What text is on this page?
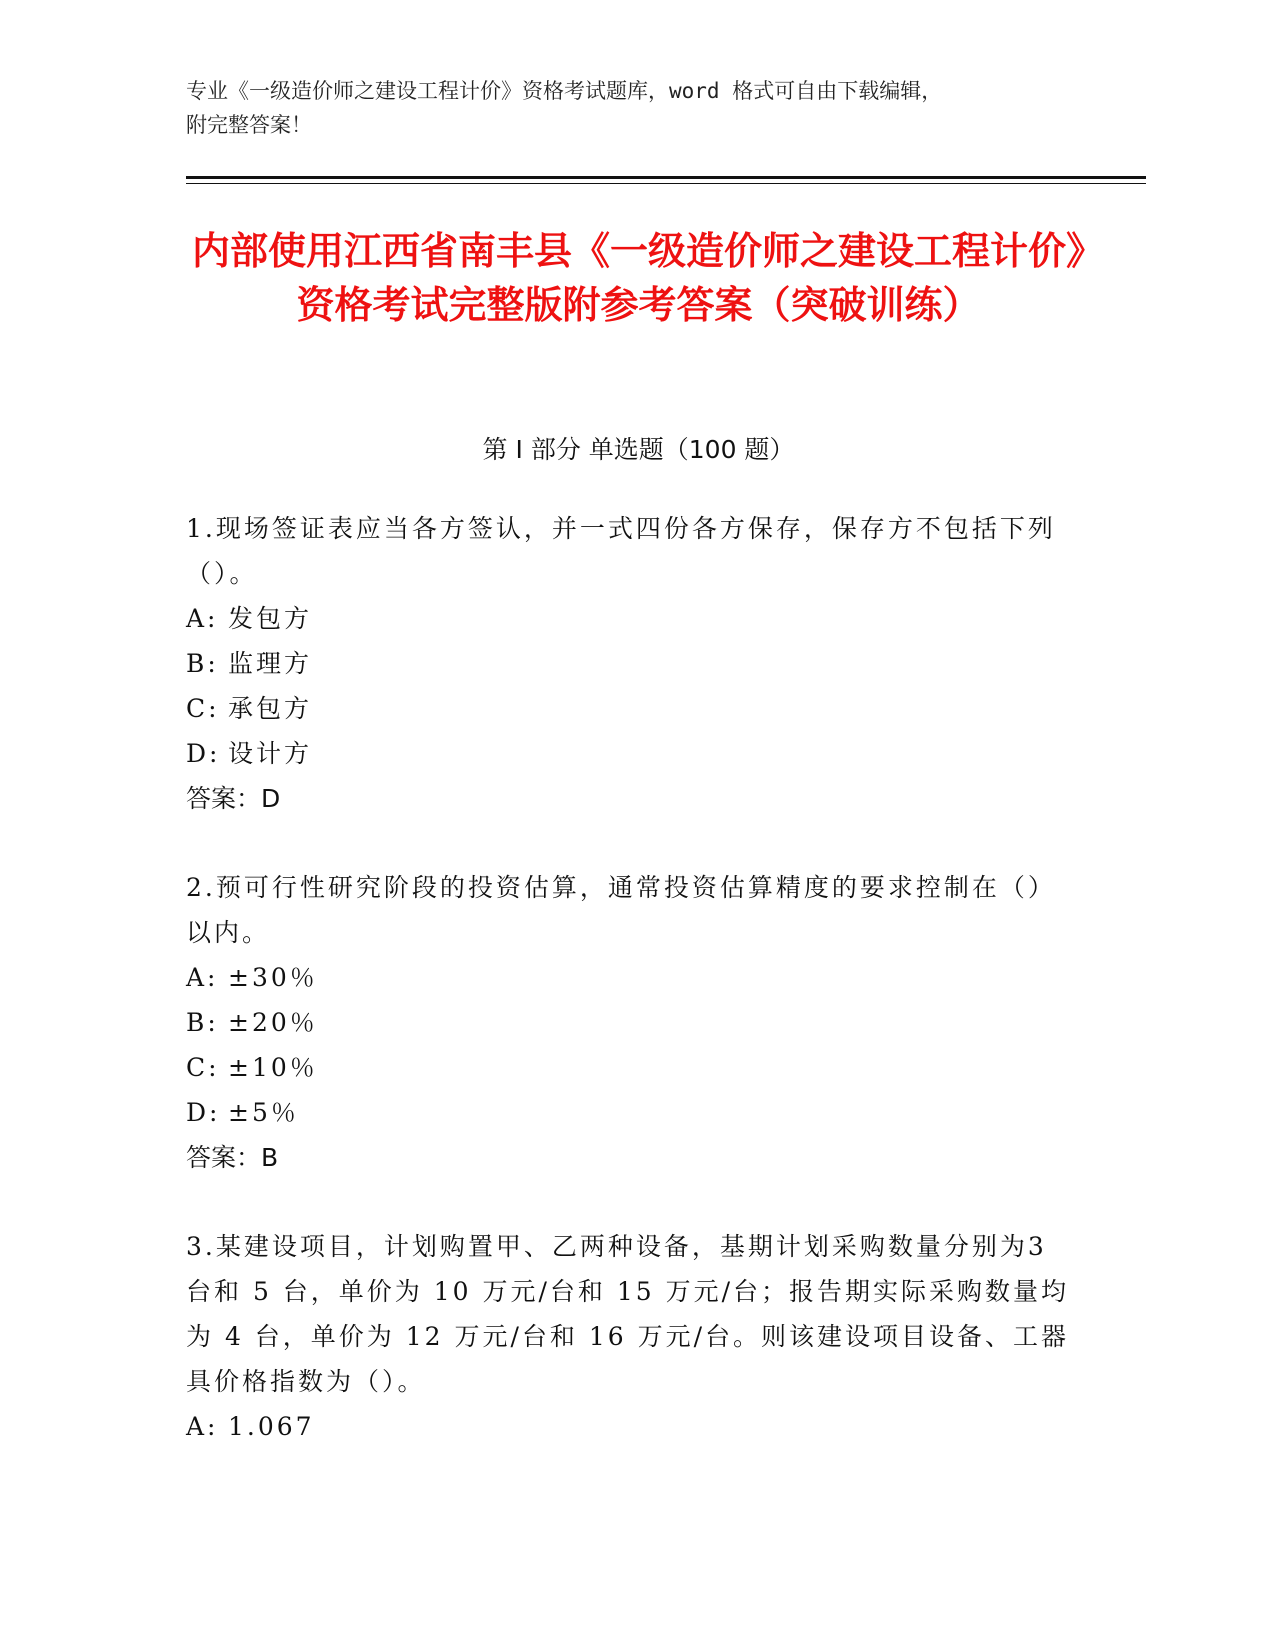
专业《一级造价师之建设工程计价》资格考试题库，word 格式可自由下载编辑，
附完整答案！
内部使用江西省南丰县《一级造价师之建设工程计价》资格考试完整版附参考答案（突破训练）
第 I 部分 单选题（100 题）
1.现场签证表应当各方签认，并一式四份各方保存，保存方不包括下列（）。
A: 发包方
B: 监理方
C: 承包方
D: 设计方
答案：D
2.预可行性研究阶段的投资估算，通常投资估算精度的要求控制在（）以内。
A: ±30％
B: ±20％
C: ±10％
D: ±5％
答案：B
3.某建设项目，计划购置甲、乙两种设备，基期计划采购数量分别为3 台和 5 台，单价为 10 万元/台和 15 万元/台；报告期实际采购数量均为 4 台，单价为 12 万元/台和 16 万元/台。则该建设项目设备、工器具价格指数为（）。
A: 1.067
